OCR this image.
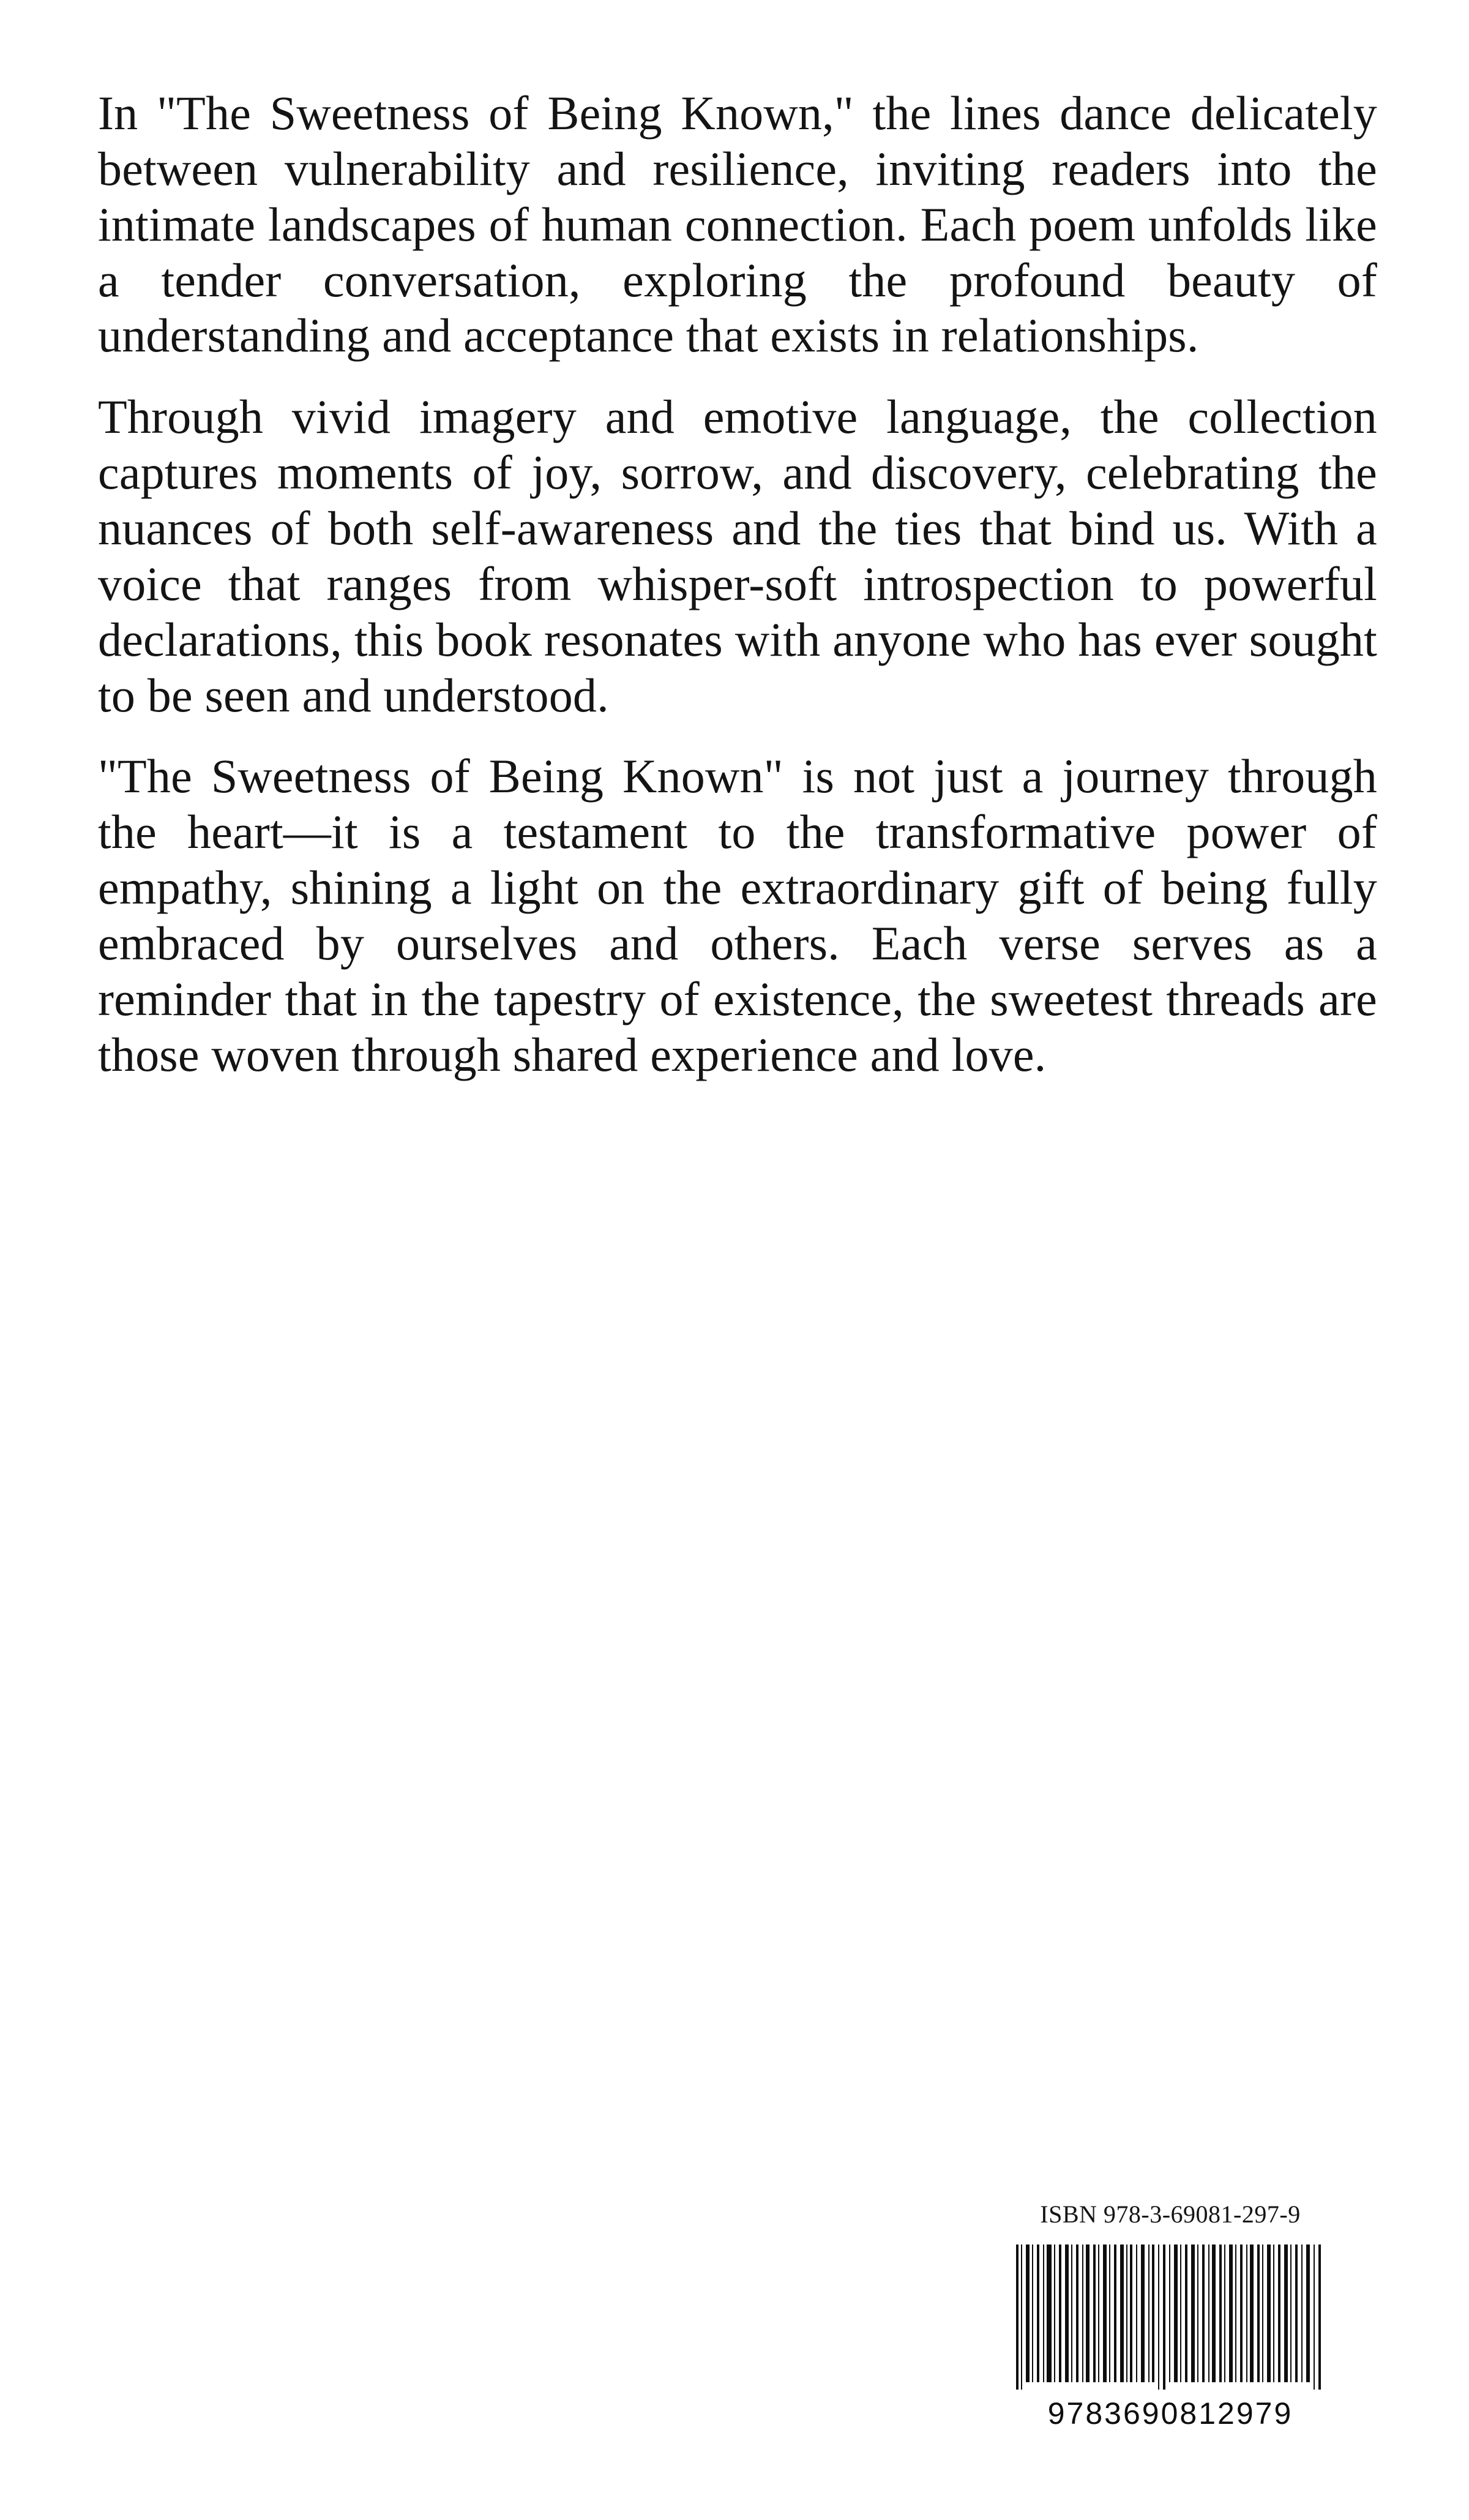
In "The Sweetness of Being Known," the lines dance delicately between vulnerability and resilience, inviting readers into the intimate landscapes of human connection. Each poem unfolds like a tender conversation, exploring the profound beauty of understanding and acceptance that exists in relationships.

Through vivid imagery and emotive language, the collection captures moments of joy, sorrow, and discovery, celebrating the nuances of both self-awareness and the ties that bind us. With a voice that ranges from whisper-soft introspection to powerful declarations, this book resonates with anyone who has ever sought to be seen and understood.

"The Sweetness of Being Known" is not just a journey through the heart—it is a testament to the transformative power of empathy, shining a light on the extraordinary gift of being fully embraced by ourselves and others. Each verse serves as a reminder that in the tapestry of existence, the sweetest threads are those woven through shared experience and love.

ISBN 978-3-69081-297-9
9783690812979
